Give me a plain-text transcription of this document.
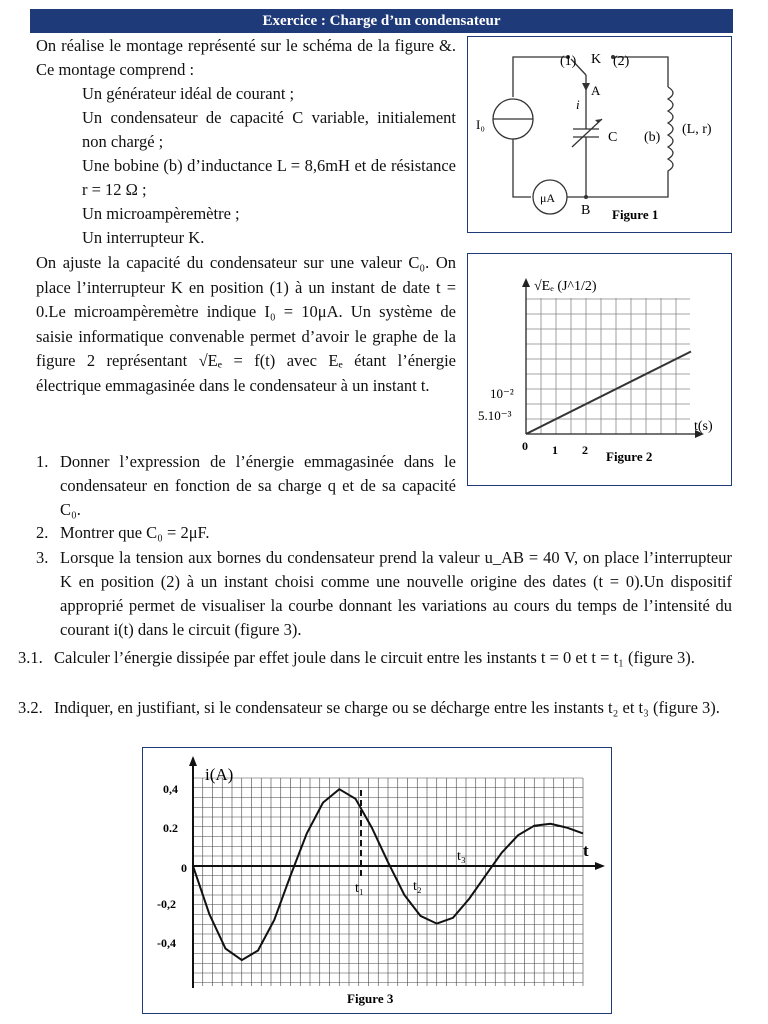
Exercice : Charge d’un condensateur
On réalise le montage représenté sur le schéma de la figure &. Ce montage comprend :
Un générateur idéal de courant ;
Un condensateur de capacité C variable, initialement non chargé ;
Une bobine (b) d’inductance L = 8,6mH et de résistance r = 12 Ω ;
Un microampèremètre ;
Un interrupteur K.
On ajuste la capacité du condensateur sur une valeur C₀. On place l’interrupteur K en position (1) à un instant de date t = 0.Le microampèremètre indique I₀ = 10μA. Un système de saisie informatique convenable permet d’avoir le graphe de la figure 2 représentant √Eₑ = f(t) avec Eₑ étant l’énergie électrique emmagasinée dans le condensateur à un instant t.
1. Donner l’expression de l’énergie emmagasinée dans le condensateur en fonction de sa charge q et de sa capacité C₀.
2. Montrer que C₀ = 2μF.
3. Lorsque la tension aux bornes du condensateur prend la valeur u_AB = 40 V, on place l’interrupteur K en position (2) à un instant choisi comme une nouvelle origine des dates (t = 0).Un dispositif approprié permet de visualiser la courbe donnant les variations au cours du temps de l’intensité du courant i(t) dans le circuit (figure 3).
3.1. Calculer l’énergie dissipée par effet joule dans le circuit entre les instants t = 0 et t = t₁ (figure 3).
3.2. Indiquer, en justifiant, si le condensateur se charge ou se décharge entre les instants t₂ et t₃ (figure 3).
(1) K (2)
A
i
I₀
C (b)
(L, r)
μA
B Figure 1
√Eₑ (J^1/2)
t(s)
10⁻²
5.10⁻³
0 1 2 Figure 2
i(A)
t
0,4
0.2
0
-0,2
-0,4
t₁	t₂
t₃
Figure 3
